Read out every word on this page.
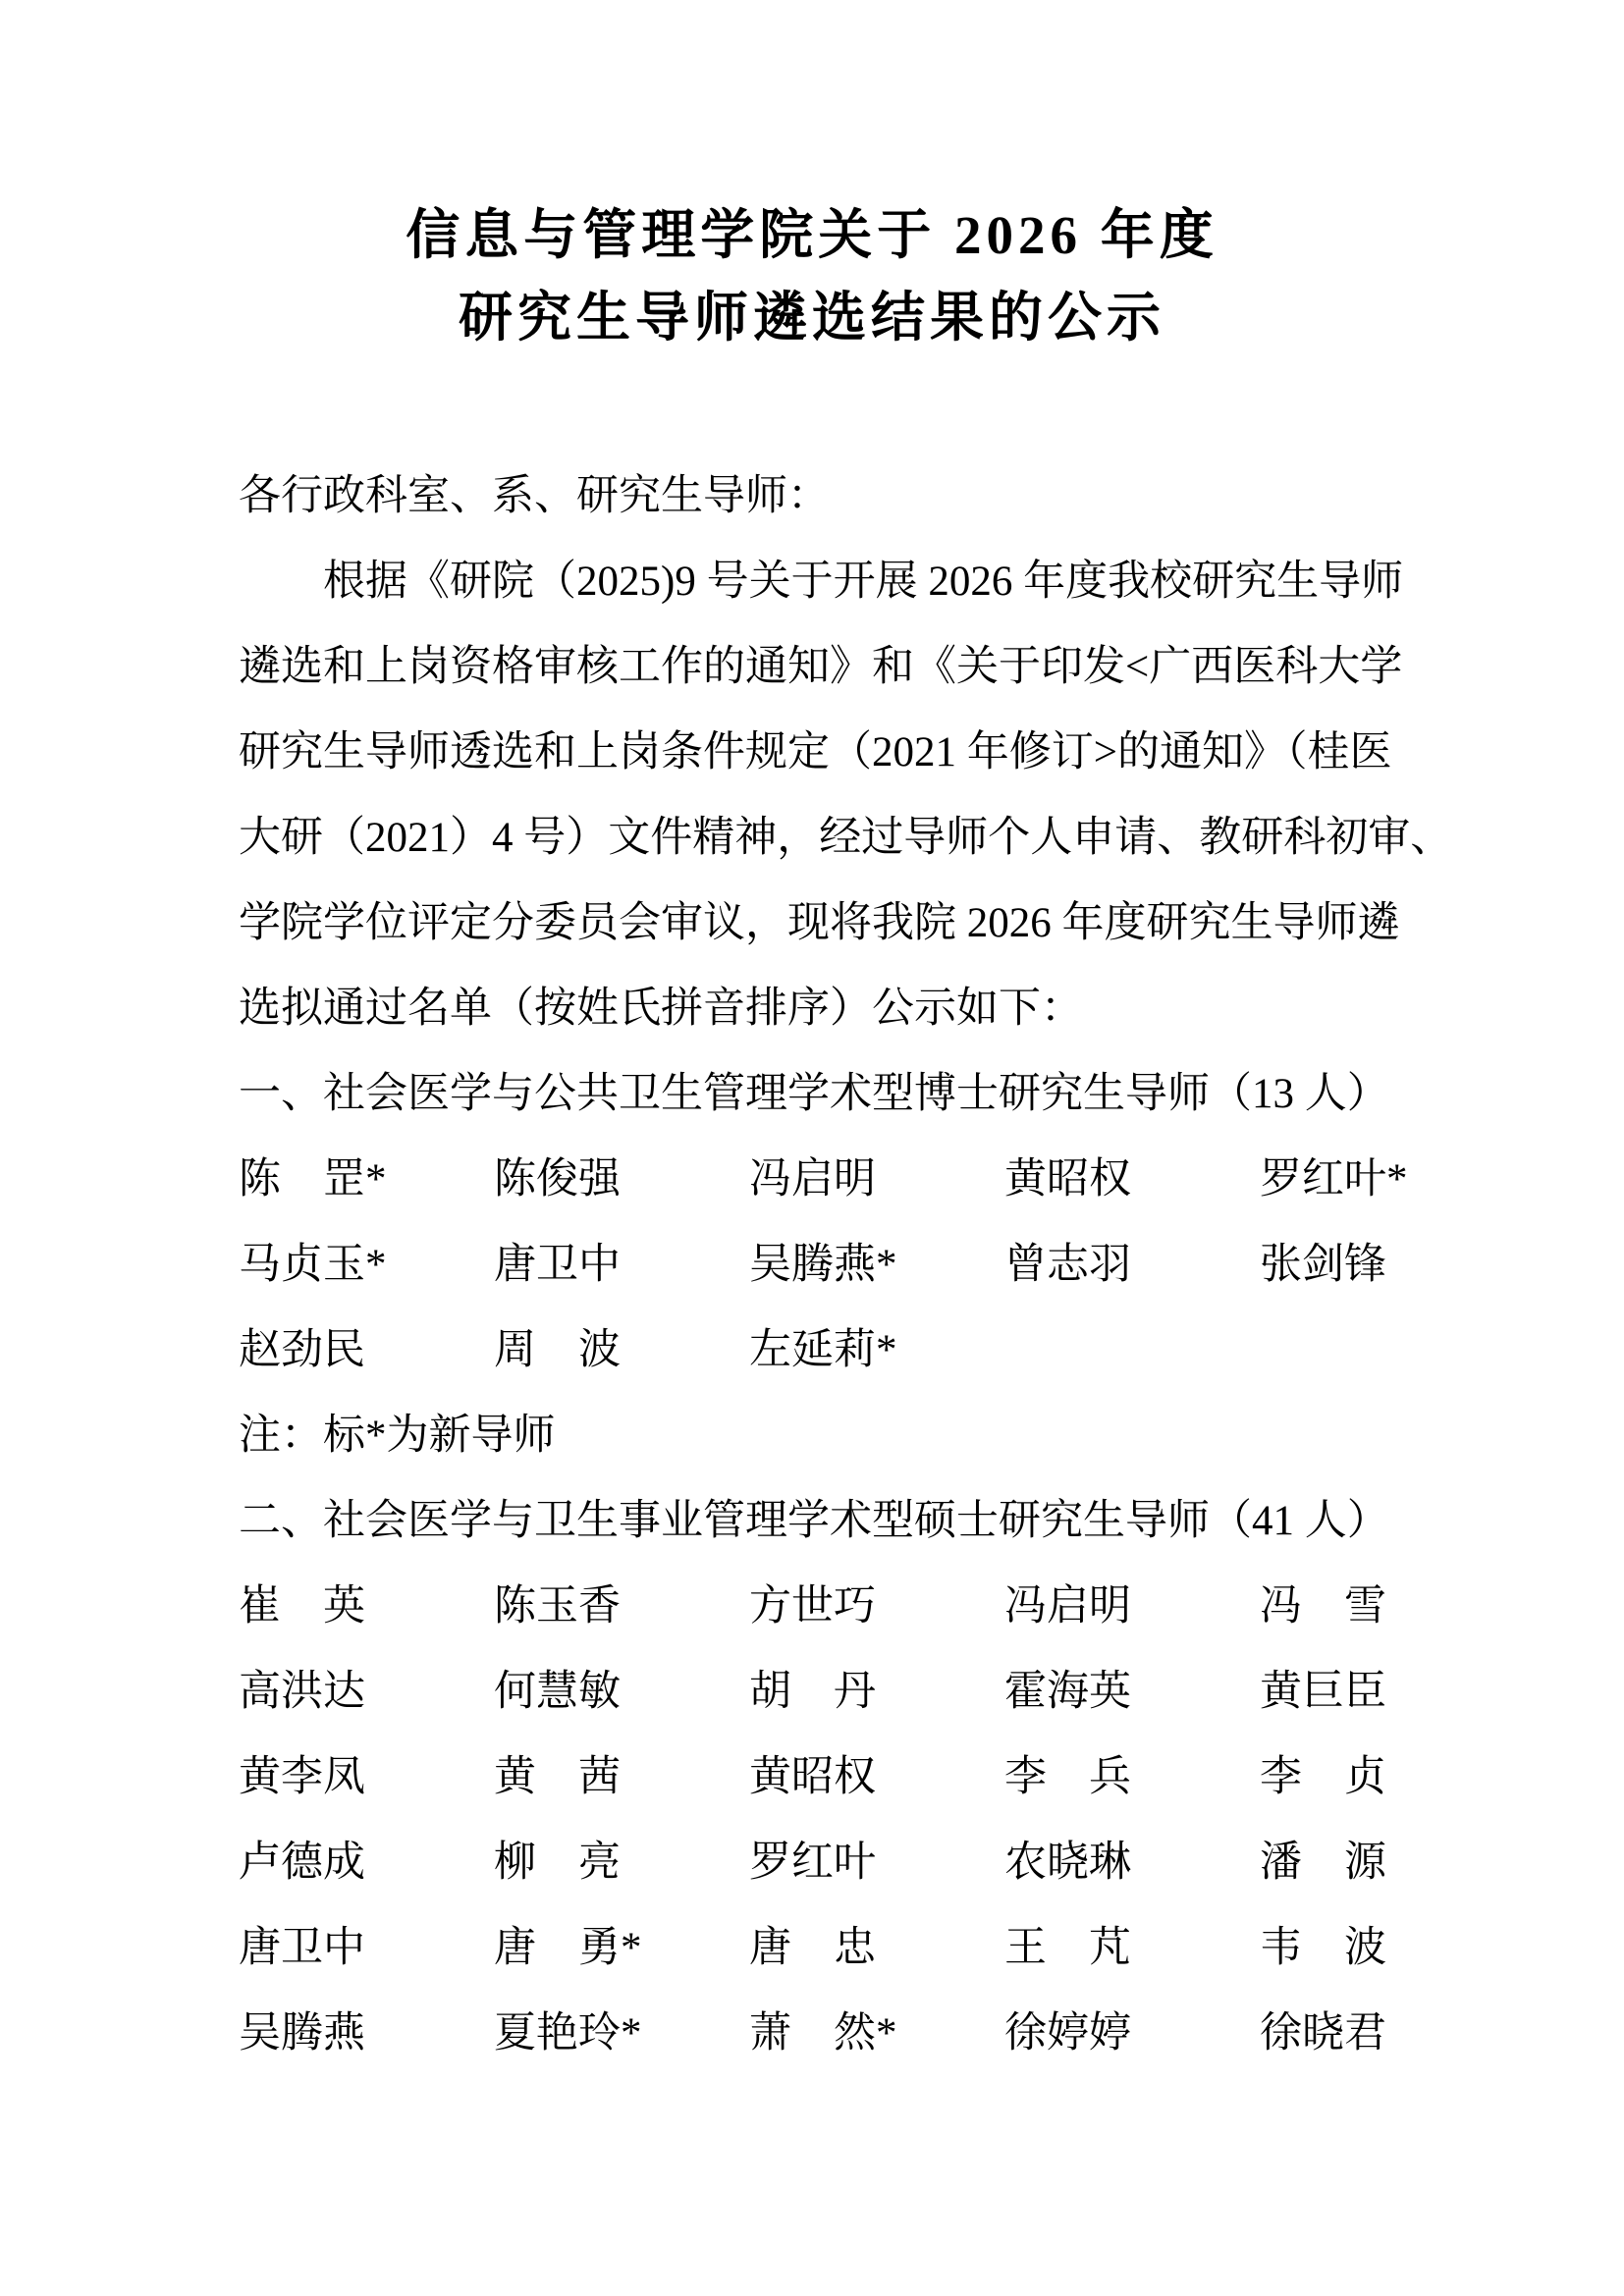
信息与管理学院关于 2026 年度
研究生导师遴选结果的公示
各行政科室、系、研究生导师：
根据《研院（2025)9 号关于开展 2026 年度我校研究生导师
遴选和上岗资格审核工作的通知》和《关于印发<广西医科大学
研究生导师透选和上岗条件规定（2021 年修订>的通知》（桂医
大研（2021）4 号）文件精神，经过导师个人申请、教研科初审、
学院学位评定分委员会审议，现将我院 2026 年度研究生导师遴
选拟通过名单（按姓氏拼音排序）公示如下：
一、社会医学与公共卫生管理学术型博士研究生导师（13 人）
陈　罡*	陈俊强	冯启明	黄昭权	罗红叶*
马贞玉*	唐卫中	吴腾燕*	曾志羽	张剑锋
赵劲民	周　波	左延莉*
注：标*为新导师
二、社会医学与卫生事业管理学术型硕士研究生导师（41 人）
崔　英	陈玉香	方世巧	冯启明	冯　雪
高洪达	何慧敏	胡　丹	霍海英	黄巨臣
黄李凤	黄　茜	黄昭权	李　兵	李　贞
卢德成	柳　亮	罗红叶	农晓琳	潘　源
唐卫中	唐　勇*	唐　忠	王　芃	韦　波
吴腾燕	夏艳玲*	萧　然*	徐婷婷	徐晓君
